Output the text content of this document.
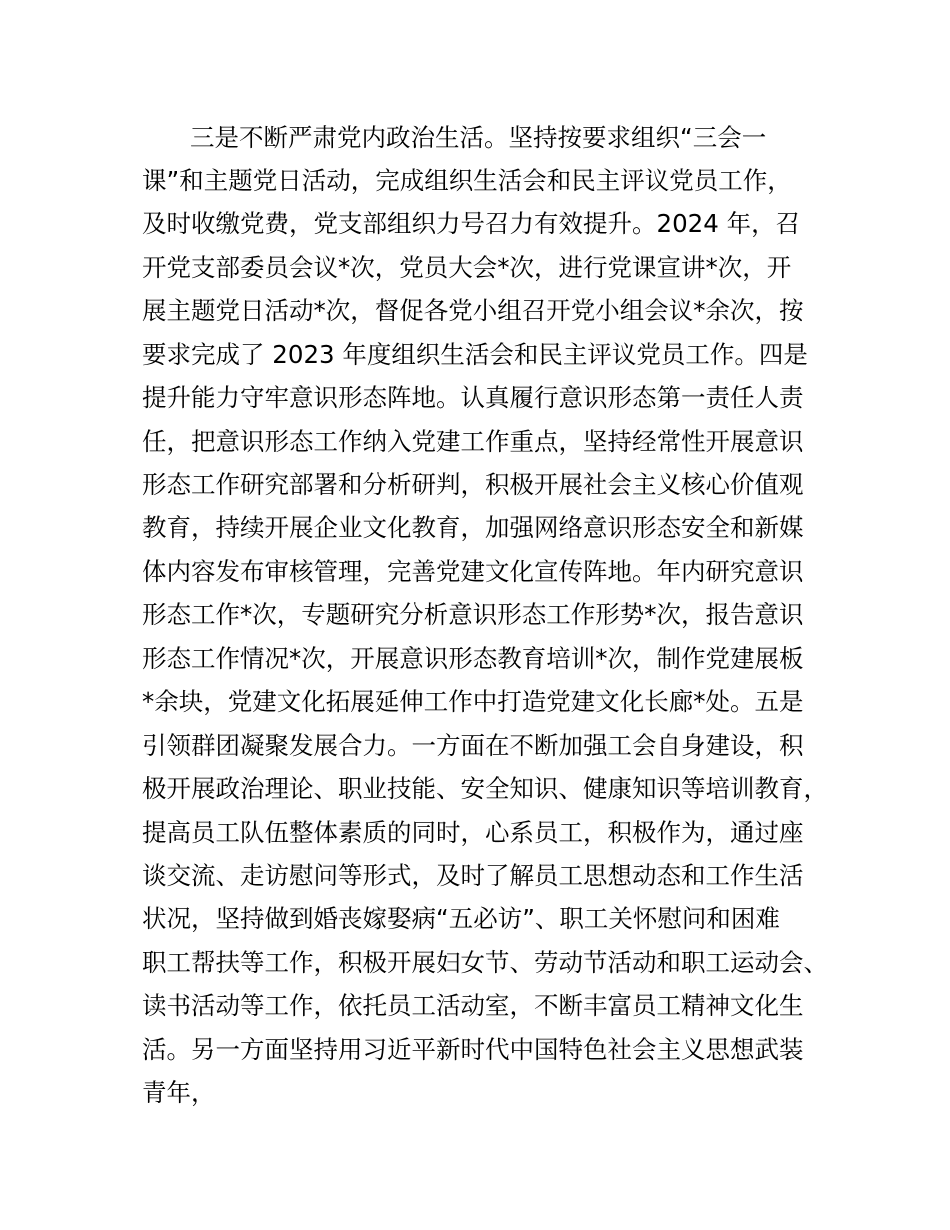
三是不断严肃党内政治生活。坚持按要求组织“三会一

课”和主题党日活动，完成组织生活会和民主评议党员工作，

及时收缴党费，党支部组织力号召力有效提升。2024 年，召

开党支部委员会议*次，党员大会*次，进行党课宣讲*次，开

展主题党日活动*次，督促各党小组召开党小组会议*余次，按

要求完成了 2023 年度组织生活会和民主评议党员工作。四是

提升能力守牢意识形态阵地。认真履行意识形态第一责任人责

任，把意识形态工作纳入党建工作重点，坚持经常性开展意识

形态工作研究部署和分析研判，积极开展社会主义核心价值观

教育，持续开展企业文化教育，加强网络意识形态安全和新媒

体内容发布审核管理，完善党建文化宣传阵地。年内研究意识

形态工作*次，专题研究分析意识形态工作形势*次，报告意识

形态工作情况*次，开展意识形态教育培训*次，制作党建展板

*余块，党建文化拓展延伸工作中打造党建文化长廊*处。五是

引领群团凝聚发展合力。一方面在不断加强工会自身建设，积

极开展政治理论、职业技能、安全知识、健康知识等培训教育，

提高员工队伍整体素质的同时，心系员工，积极作为，通过座

谈交流、走访慰问等形式，及时了解员工思想动态和工作生活

状况，坚持做到婚丧嫁娶病“五必访”、职工关怀慰问和困难

职工帮扶等工作，积极开展妇女节、劳动节活动和职工运动会、

读书活动等工作，依托员工活动室，不断丰富员工精神文化生

活。另一方面坚持用习近平新时代中国特色社会主义思想武装

青年，
